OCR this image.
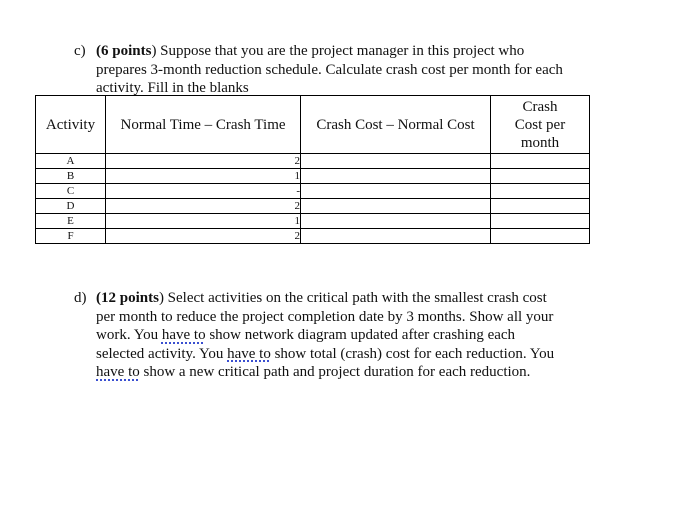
c) (6 points) Suppose that you are the project manager in this project who
prepares 3-month reduction schedule. Calculate crash cost per month for each
activity. Fill in the blanks
Activity	Normal Time – Crash Time	Crash Cost – Normal Cost	Crash
Cost per
month
A	2		
B	1		
C	-		
D	2		
E	1		
F	2		
d) (12 points) Select activities on the critical path with the smallest crash cost
per month to reduce the project completion date by 3 months. Show all your
work. You have to show network diagram updated after crashing each
selected activity. You have to show total (crash) cost for each reduction. You
have to show a new critical path and project duration for each reduction.
